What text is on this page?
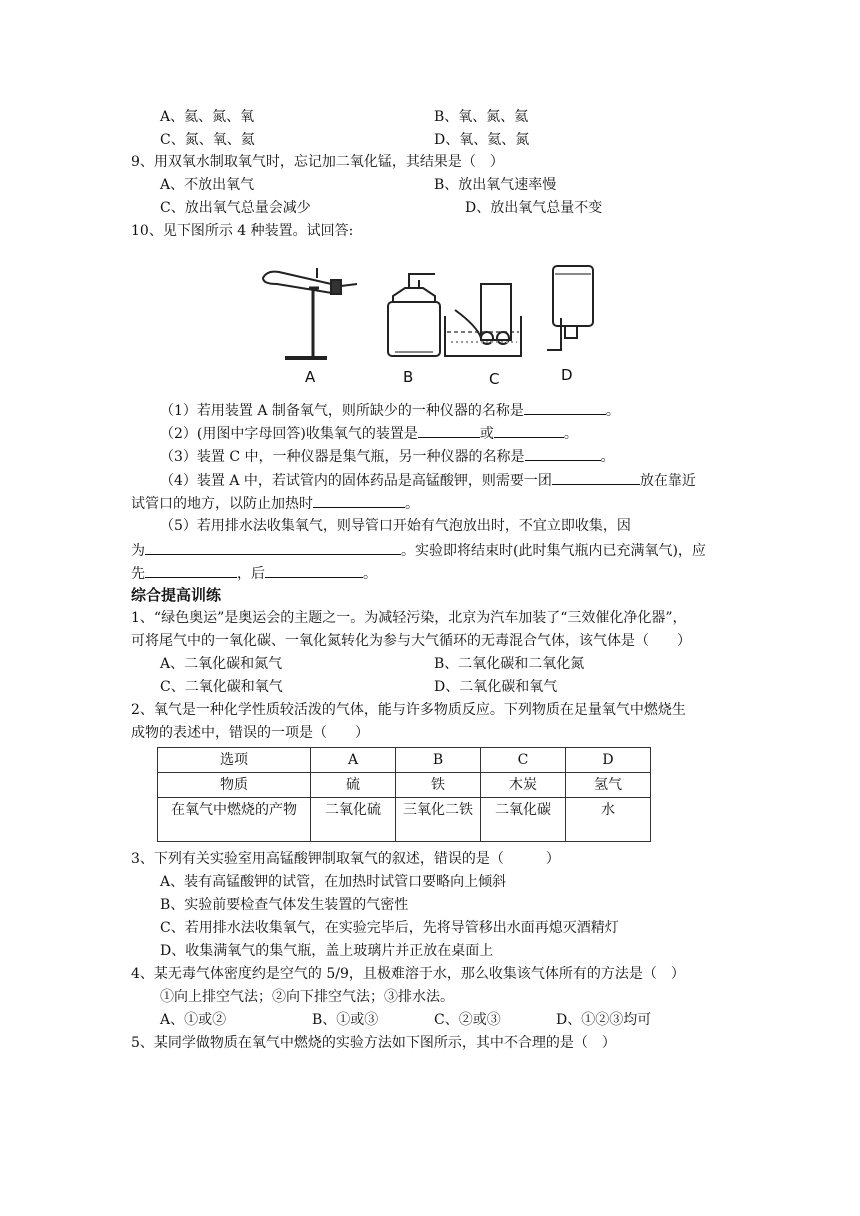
A、氦、氮、氧	B、氧、氮、氦
C、氮、氧、氦	D、氧、氦、氮
9、用双氧水制取氧气时，忘记加二氧化锰，其结果是（　）
A、不放出氧气	B、放出氧气速率慢
C、放出氧气总量会减少	D、放出氧气总量不变
10、见下图所示 4 种装置。试回答:
A	B	C	D
（1）若用装置 A 制备氧气，则所缺少的一种仪器的名称是	。
（2）(用图中字母回答)收集氧气的装置是	或	。
（3）装置 C 中，一种仪器是集气瓶，另一种仪器的名称是	。
（4）装置 A 中，若试管内的固体药品是高锰酸钾，则需要一团	放在靠近
试管口的地方，以防止加热时	。
（5）若用排水法收集氧气，则导管口开始有气泡放出时，不宜立即收集，因
为	。实验即将结束时(此时集气瓶内已充满氧气)，应
先	，后	。
综合提高训练
1、“绿色奥运”是奥运会的主题之一。为减轻污染，北京为汽车加装了“三效催化净化器”，
可将尾气中的一氧化碳、一氧化氮转化为参与大气循环的无毒混合气体，该气体是（　　）
A、二氧化碳和氮气	B、二氧化碳和二氧化氮
C、二氧化碳和氧气	D、二氧化碳和氧气
2、氧气是一种化学性质较活泼的气体，能与许多物质反应。下列物质在足量氧气中燃烧生
成物的表述中，错误的一项是（　　）
选项	A	B	C	D
物质	硫	铁	木炭	氢气
在氧气中燃烧的产物	二氧化硫	三氧化二铁	二氧化碳	水
3、下列有关实验室用高锰酸钾制取氧气的叙述，错误的是（　　　）
A、装有高锰酸钾的试管，在加热时试管口要略向上倾斜
B、实验前要检查气体发生装置的气密性
C、若用排水法收集氧气，在实验完毕后，先将导管移出水面再熄灭酒精灯
D、收集满氧气的集气瓶，盖上玻璃片并正放在桌面上
4、某无毒气体密度约是空气的 5/9，且极难溶于水，那么收集该气体所有的方法是（　）
①向上排空气法；②向下排空气法；③排水法。
A、①或②	B、①或③	C、②或③	D、①②③均可
5、某同学做物质在氧气中燃烧的实验方法如下图所示，其中不合理的是（　）
